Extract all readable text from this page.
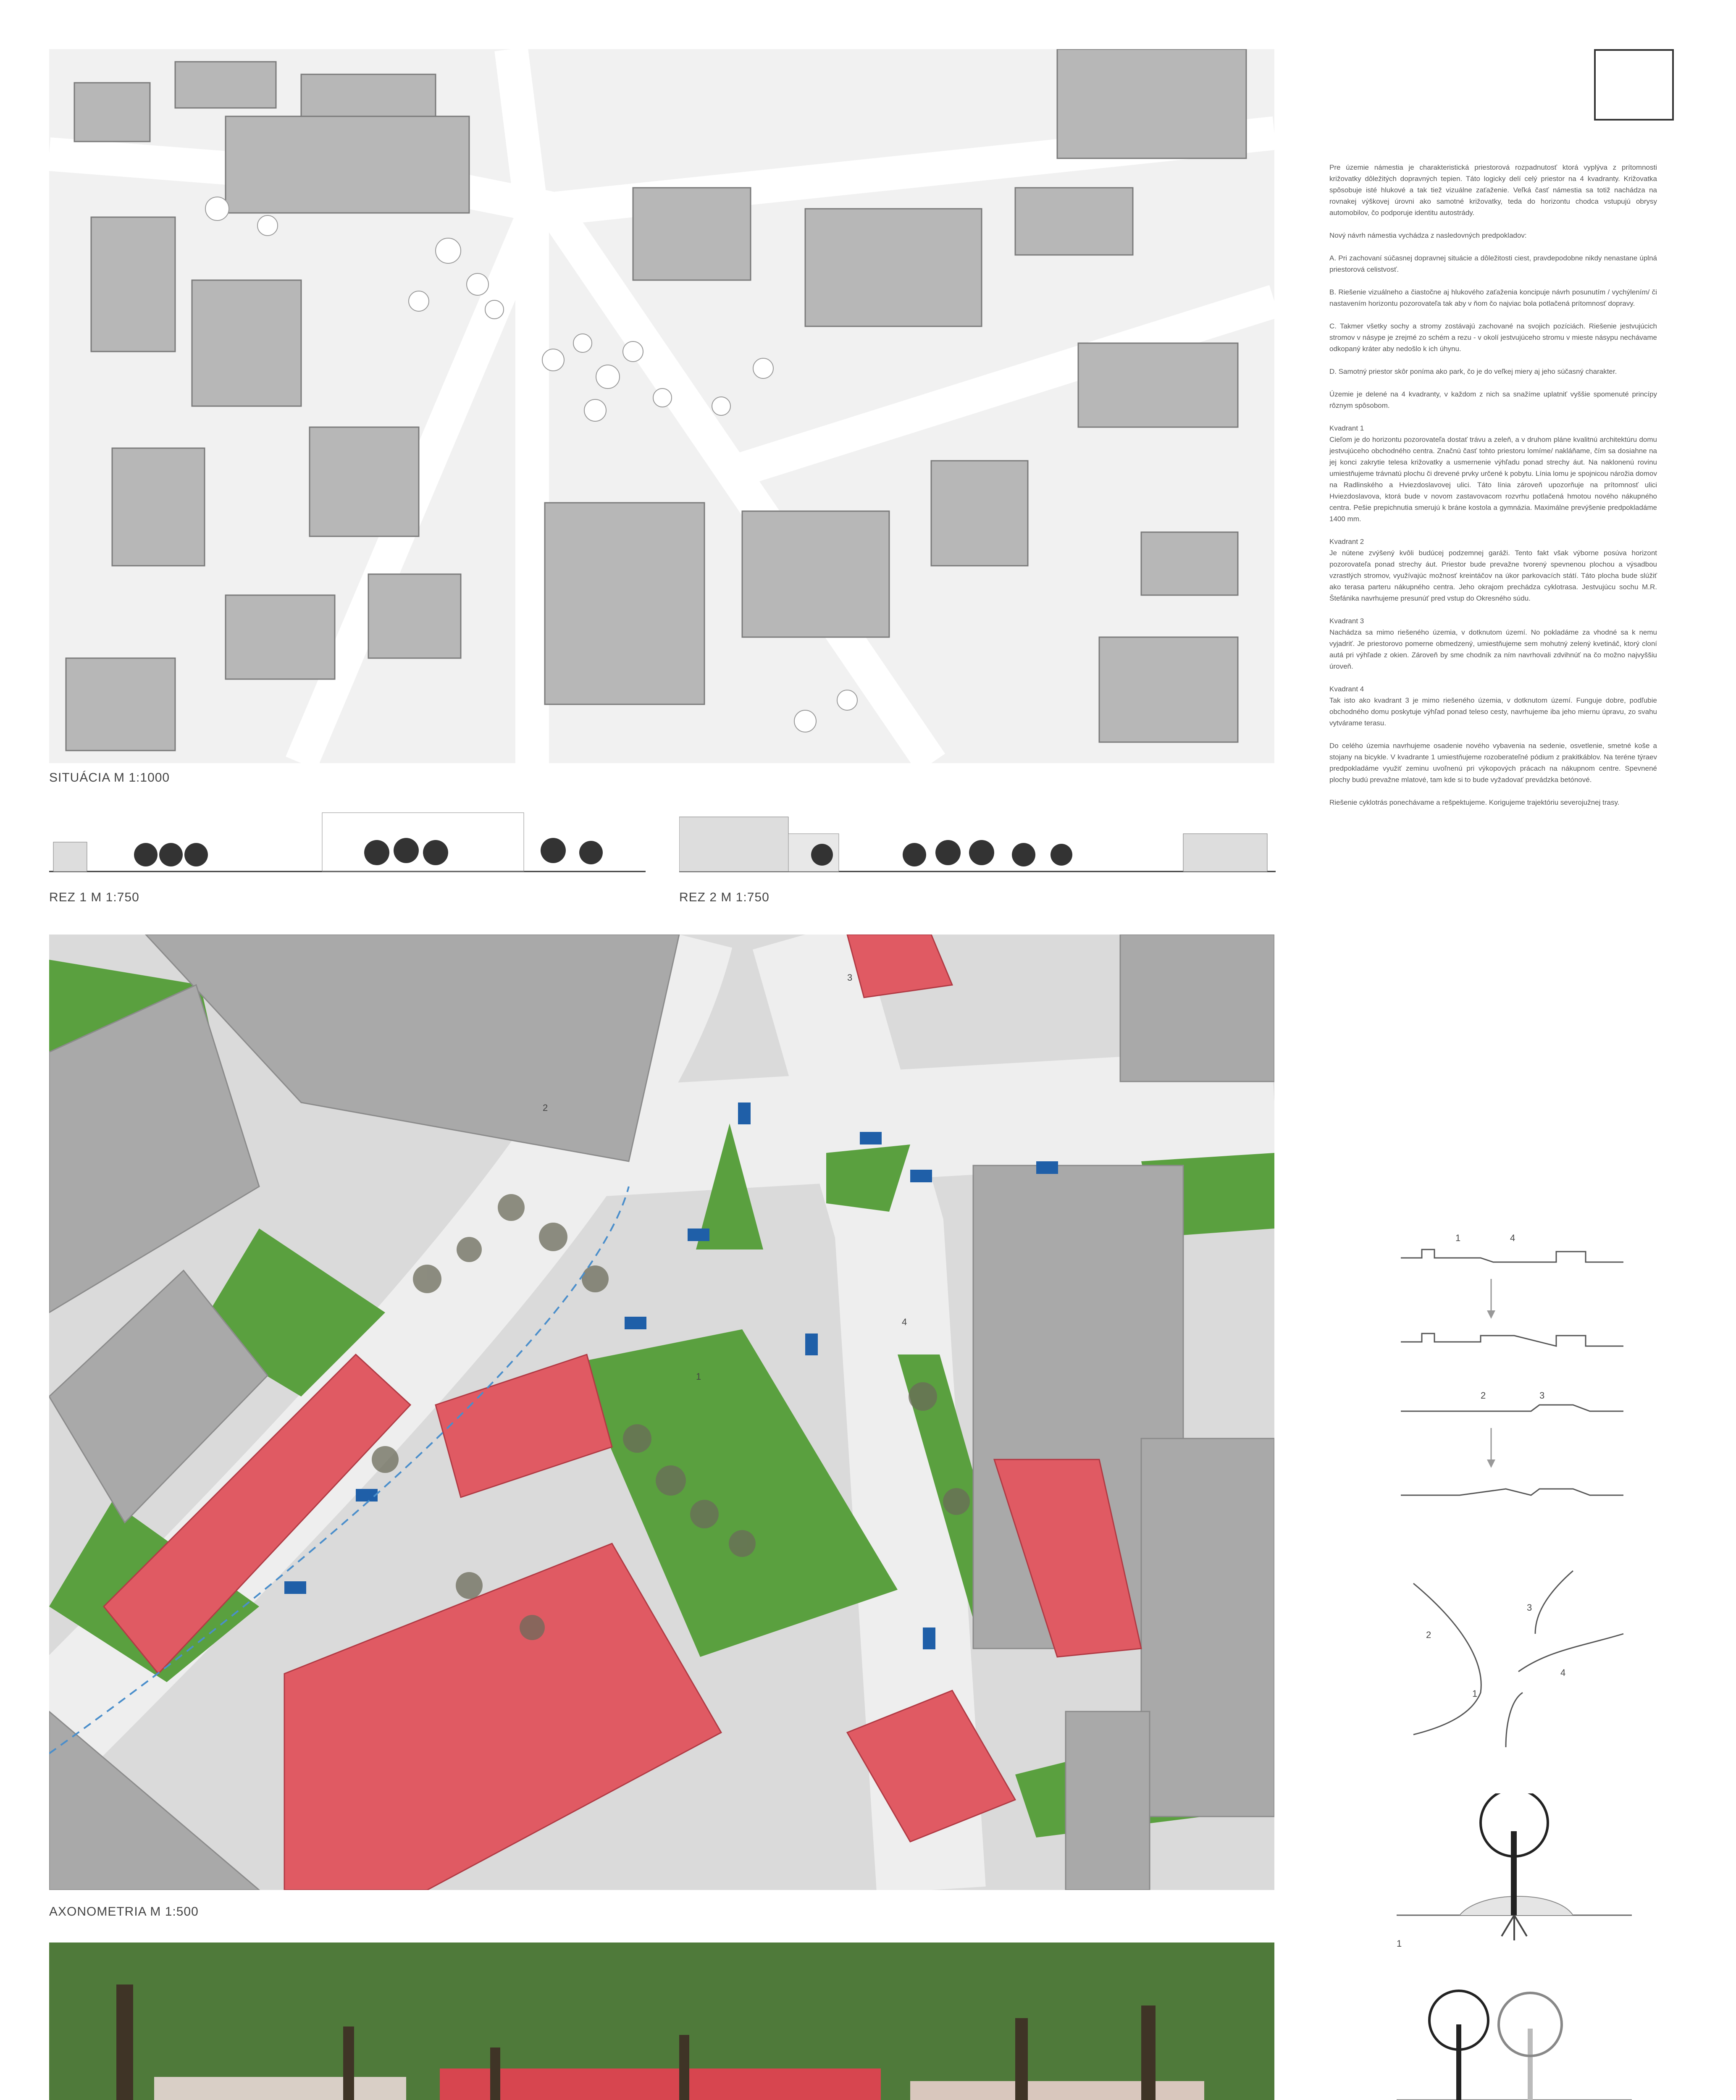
SITUÁCIA M 1:1000
REZ 1 M 1:750	REZ 2 M 1:750
2
3
4
1
AXONOMETRIA M 1:500

Pre územie námestia je charakteristická priestorová rozpadnutosť ktorá vyplýva z prítomnosti križovatky dôležitých dopravných tepien. Táto logicky delí celý priestor na 4 kvadranty. Križovatka spôsobuje isté hlukové a tak tiež vizuálne zaťaženie. Veľká časť námestia sa totiž nachádza na rovnakej výškovej úrovni ako samotné križovatky, teda do horizontu chodca vstupujú obrysy automobilov, čo podporuje identitu autostrády.

Nový návrh námestia vychádza z nasledovných predpokladov:

A. Pri zachovaní súčasnej dopravnej situácie a dôležitosti ciest, pravdepodobne nikdy nenastane úplná priestorová celistvosť.

B. Riešenie vizuálneho a čiastočne aj hlukového zaťaženia koncipuje návrh posunutím / vychýlením/ či nastavením horizontu pozorovateľa tak aby v ňom čo najviac bola potlačená prítomnosť dopravy.

C. Takmer všetky sochy a stromy zostávajú zachované na svojich pozíciách. Riešenie jestvujúcich stromov v násype je zrejmé zo schém a rezu - v okolí jestvujúceho stromu v mieste násypu nechávame odkopaný kráter aby nedošlo k ich úhynu.

D. Samotný priestor skôr poníma ako park, čo je do veľkej miery aj jeho súčasný charakter.

Územie je delené na 4 kvadranty, v každom z nich sa snažíme uplatniť vyššie spomenuté princípy rôznym spôsobom.

Kvadrant 1

Cieľom je do horizontu pozorovateľa dostať trávu a zeleň, a v druhom pláne kvalitnú architektúru domu jestvujúceho obchodného centra. Značnú časť tohto priestoru lomíme/ nakláňame, čím sa dosiahne na jej konci zakrytie telesa križovatky a usmernenie výhľadu ponad strechy áut. Na naklonenú rovinu umiestňujeme trávnatú plochu či drevené prvky určené k pobytu. Línia lomu je spojnicou nárožia domov na Radlinského a Hviezdoslavovej ulici. Táto línia zároveň upozorňuje na prítomnosť ulici Hviezdoslavova, ktorá bude v novom zastavovacom rozvrhu potlačená hmotou nového nákupného centra. Pešie prepichnutia smerujú k bráne kostola a gymnázia. Maximálne prevýšenie predpokladáme 1400 mm.

Kvadrant 2

Je nútene zvýšený kvôli budúcej podzemnej garáži. Tento fakt však výborne posúva horizont pozorovateľa ponad strechy áut. Priestor bude prevažne tvorený spevnenou plochou a výsadbou vzrastlých stromov, využívajúc možnosť kreintáčov na úkor parkovacích státí. Táto plocha bude slúžiť ako terasa parteru nákupného centra. Jeho okrajom prechádza cyklotrasa. Jestvujúcu sochu M.R. Štefánika navrhujeme presunúť pred vstup do Okresného súdu.

Kvadrant 3

Nachádza sa mimo riešeného územia, v dotknutom území. No pokladáme za vhodné sa k nemu vyjadriť. Je priestorovo pomerne obmedzený, umiestňujeme sem mohutný zelený kvetináč, ktorý cloní autá pri výhľade z okien. Zároveň by sme chodník za ním navrhovali zdvihnúť na čo možno najvyššiu úroveň.

Kvadrant 4

Tak isto ako kvadrant 3 je mimo riešeného územia, v dotknutom území. Funguje dobre, podľubie obchodného domu poskytuje výhľad ponad teleso cesty, navrhujeme iba jeho miernu úpravu, zo svahu vytvárame terasu.

Do celého územia navrhujeme osadenie nového vybavenia na sedenie, osvetlenie, smetné koše a stojany na bicykle. V kvadrante 1 umiestňujeme rozoberateľné pódium z prakitkáblov. Na teréne týraev predpokladáme využiť zeminu uvoľnenú pri výkopových prácach na nákupnom centre. Spevnené plochy budú prevažne mlatové, tam kde si to bude vyžadovať prevádzka betónové.

Riešenie cyklotrás ponechávame a rešpektujeme. Korigujeme trajektóriu severojužnej trasy.

1	4
2	3
3
2
4
1
1
